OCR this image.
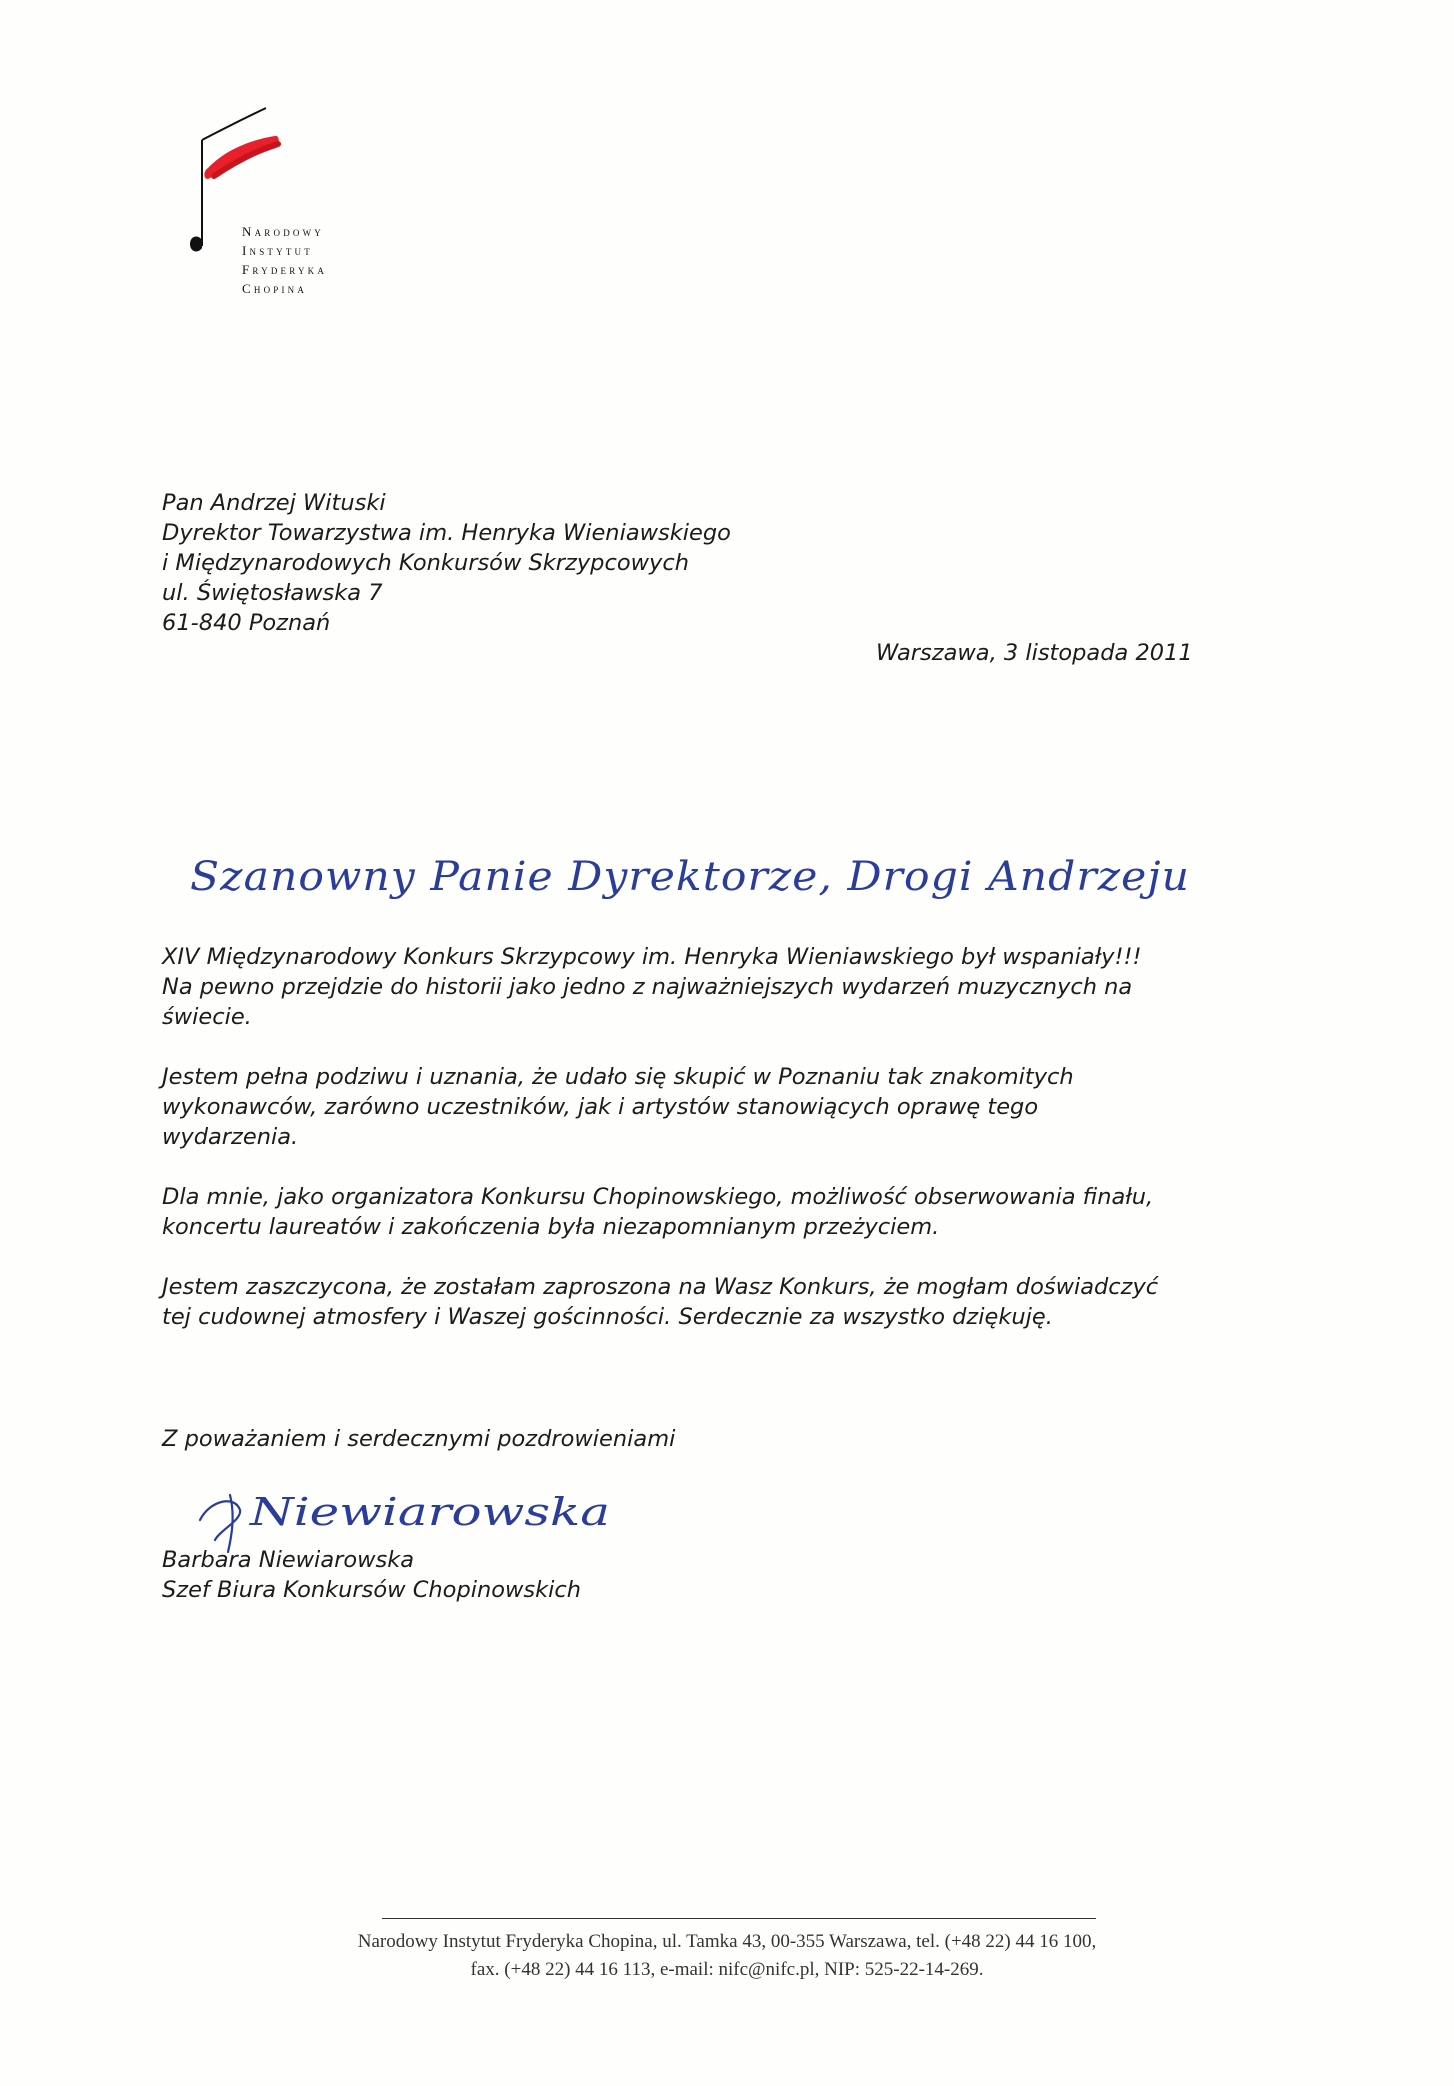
Narodowy
Instytut
Fryderyka
Chopina
Pan Andrzej Wituski
Dyrektor Towarzystwa im. Henryka Wieniawskiego
i Międzynarodowych Konkursów Skrzypcowych
ul. Świętosławska 7
61-840 Poznań
Warszawa, 3 listopada 2011
Szanowny Panie Dyrektorze, Drogi Andrzeju
XIV Międzynarodowy Konkurs Skrzypcowy im. Henryka Wieniawskiego był wspaniały!!!
Na pewno przejdzie do historii jako jedno z najważniejszych wydarzeń muzycznych na
świecie.
Jestem pełna podziwu i uznania, że udało się skupić w Poznaniu tak znakomitych
wykonawców, zarówno uczestników, jak i artystów stanowiących oprawę tego
wydarzenia.
Dla mnie, jako organizatora Konkursu Chopinowskiego, możliwość obserwowania finału,
koncertu laureatów i zakończenia była niezapomnianym przeżyciem.
Jestem zaszczycona, że zostałam zaproszona na Wasz Konkurs, że mogłam doświadczyć
tej cudownej atmosfery i Waszej gościnności. Serdecznie za wszystko dziękuję.
Z poważaniem i serdecznymi pozdrowieniami
Niewiarowska
Barbara Niewiarowska
Szef Biura Konkursów Chopinowskich
Narodowy Instytut Fryderyka Chopina, ul. Tamka 43, 00-355 Warszawa, tel. (+48 22) 44 16 100,
fax. (+48 22) 44 16 113, e-mail: nifc@nifc.pl, NIP: 525-22-14-269.
